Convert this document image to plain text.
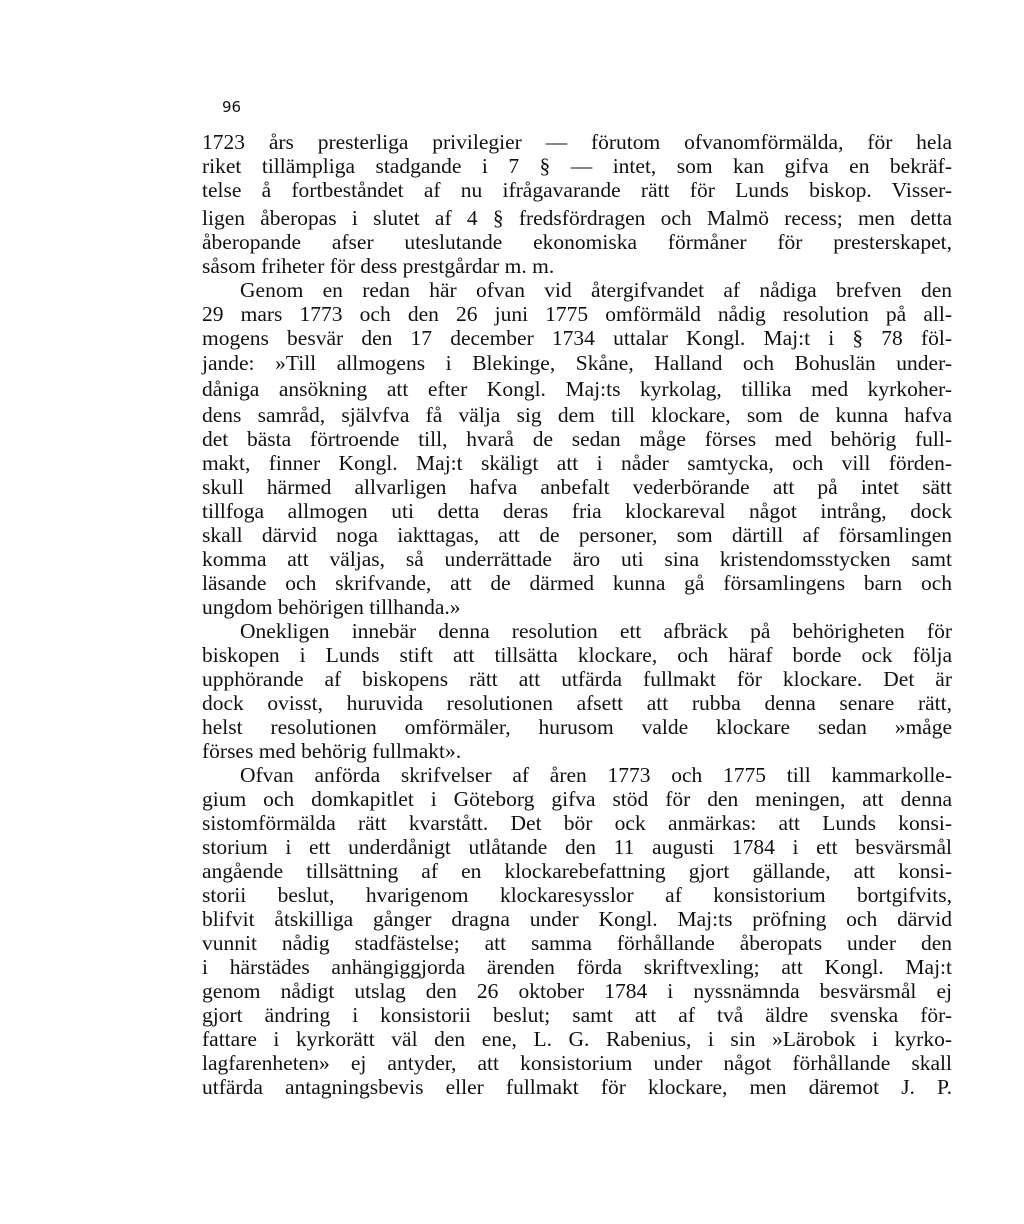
96
1723 års presterliga privilegier — förutom ofvanomförmälda, för hela
riket tillämpliga stadgande i 7 § — intet, som kan gifva en bekräf-
telse å fortbeståndet af nu ifrågavarande rätt för Lunds biskop. Visser-
ligen åberopas i slutet af 4 § fredsfördragen och Malmö recess; men detta
åberopande afser uteslutande ekonomiska förmåner för presterskapet,
såsom friheter för dess prestgårdar m. m.
Genom en redan här ofvan vid återgifvandet af nådiga brefven den
29 mars 1773 och den 26 juni 1775 omförmäld nådig resolution på all-
mogens besvär den 17 december 1734 uttalar Kongl. Maj:t i § 78 föl-
jande: »Till allmogens i Blekinge, Skåne, Halland och Bohuslän under-
dåniga ansökning att efter Kongl. Maj:ts kyrkolag, tillika med kyrkoher-
dens samråd, självfva få välja sig dem till klockare, som de kunna hafva
det bästa förtroende till, hvarå de sedan måge förses med behörig full-
makt, finner Kongl. Maj:t skäligt att i nåder samtycka, och vill förden-
skull härmed allvarligen hafva anbefalt vederbörande att på intet sätt
tillfoga allmogen uti detta deras fria klockareval något intrång, dock
skall därvid noga iakttagas, att de personer, som därtill af församlingen
komma att väljas, så underrättade äro uti sina kristendomsstycken samt
läsande och skrifvande, att de därmed kunna gå församlingens barn och
ungdom behörigen tillhanda.»
Onekligen innebär denna resolution ett afbräck på behörigheten för
biskopen i Lunds stift att tillsätta klockare, och häraf borde ock följa
upphörande af biskopens rätt att utfärda fullmakt för klockare. Det är
dock ovisst, huruvida resolutionen afsett att rubba denna senare rätt,
helst resolutionen omförmäler, hurusom valde klockare sedan »måge
förses med behörig fullmakt».
Ofvan anförda skrifvelser af åren 1773 och 1775 till kammarkolle-
gium och domkapitlet i Göteborg gifva stöd för den meningen, att denna
sistomförmälda rätt kvarstått. Det bör ock anmärkas: att Lunds konsi-
storium i ett underdånigt utlåtande den 11 augusti 1784 i ett besvärsmål
angående tillsättning af en klockarebefattning gjort gällande, att konsi-
storii beslut, hvarigenom klockaresysslor af konsistorium bortgifvits,
blifvit åtskilliga gånger dragna under Kongl. Maj:ts pröfning och därvid
vunnit nådig stadfästelse; att samma förhållande åberopats under den
i härstädes anhängiggjorda ärenden förda skriftvexling; att Kongl. Maj:t
genom nådigt utslag den 26 oktober 1784 i nyssnämnda besvärsmål ej
gjort ändring i konsistorii beslut; samt att af två äldre svenska för-
fattare i kyrkorätt väl den ene, L. G. Rabenius, i sin »Lärobok i kyrko-
lagfarenheten» ej antyder, att konsistorium under något förhållande skall
utfärda antagningsbevis eller fullmakt för klockare, men däremot J. P.
